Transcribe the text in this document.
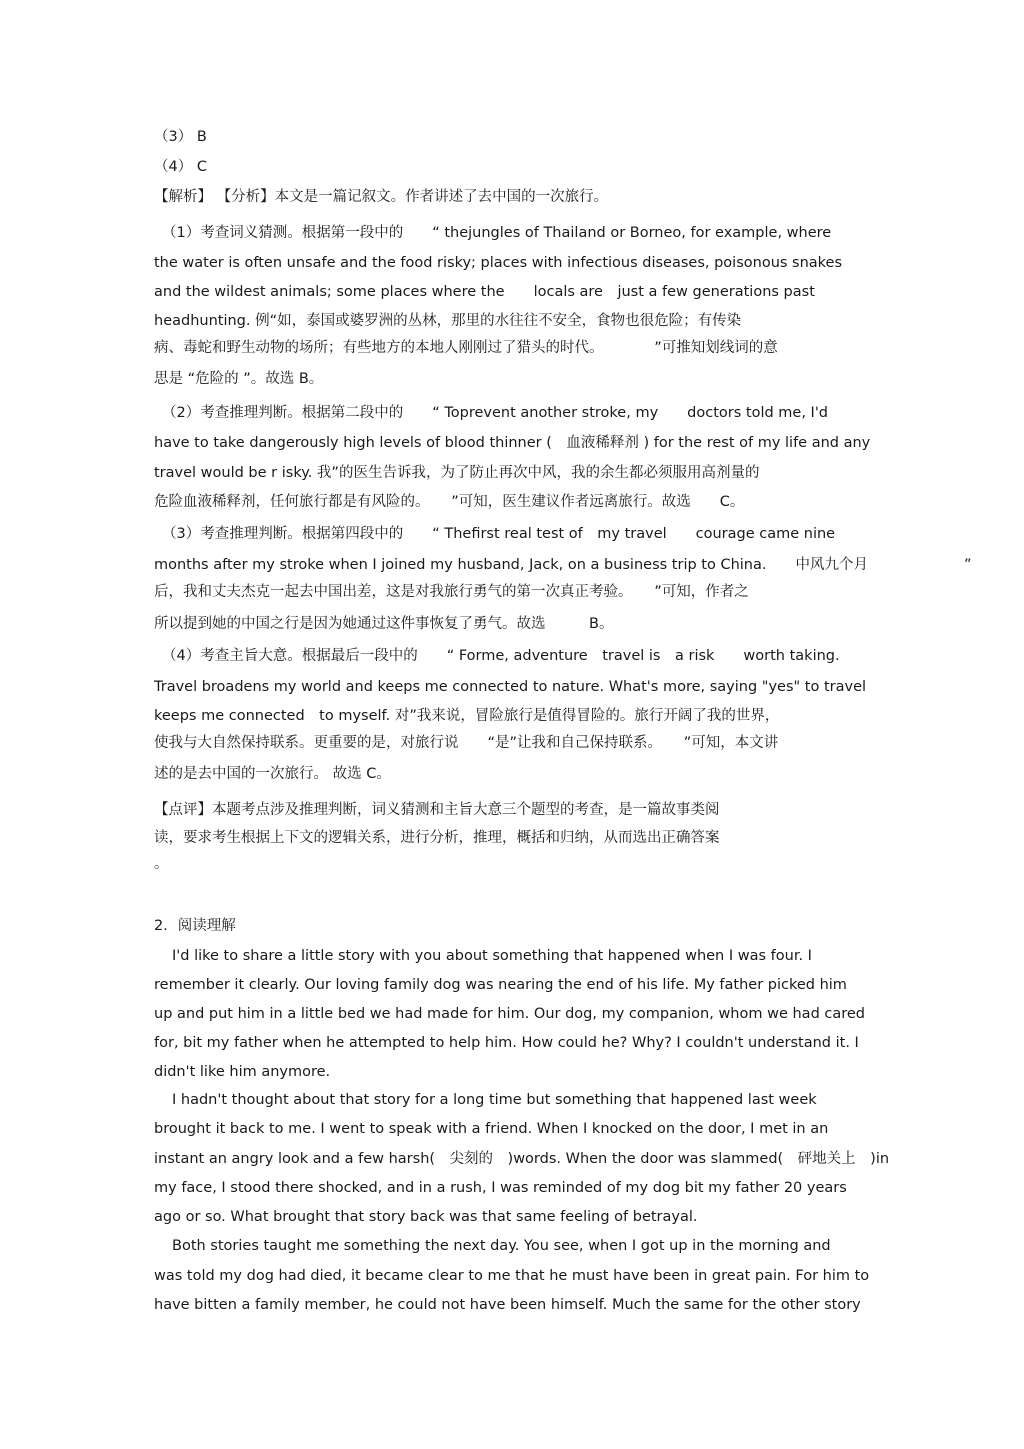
（3） B
（4） C
【解析】 【分析】本文是一篇记叙文。作者讲述了去中国的一次旅行。
（1）考查词义猜测。根据第一段中的　　“ thejungles of Thailand or Borneo, for example, where
the water is often unsafe and the food risky; places with infectious diseases, poisonous snakes
and the wildest animals; some places where the　　locals are　just a few generations past
headhunting. 例“如，泰国或婆罗洲的丛林，那里的水往往不安全，食物也很危险；有传染
病、毒蛇和野生动物的场所；有些地方的本地人刚刚过了猎头的时代。　　　　”可推知划线词的意
思是 “危险的 ”。故选 B。
（2）考查推理判断。根据第二段中的　　“ Toprevent another stroke, my　　doctors told me, I'd
have to take dangerously high levels of blood thinner (　血液稀释剂 ) for the rest of my life and any
travel would be r isky. 我”的医生告诉我，为了防止再次中风，我的余生都必须服用高剂量的
危险血液稀释剂，任何旅行都是有风险的。　　”可知，医生建议作者远离旅行。故选　　C。
（3）考查推理判断。根据第四段中的　　“ Thefirst real test of　my travel　　courage came nine
months after my stroke when I joined my husband, Jack, on a business trip to China.　　中风九个月	”
后，我和丈夫杰克一起去中国出差，这是对我旅行勇气的第一次真正考验。　　”可知，作者之
所以提到她的中国之行是因为她通过这件事恢复了勇气。故选　　　B。
（4）考查主旨大意。根据最后一段中的　　“ Forme, adventure　travel is　a risk　　worth taking.
Travel broadens my world and keeps me connected to nature. What's more, saying "yes" to travel
keeps me connected　to myself. 对”我来说，冒险旅行是值得冒险的。旅行开阔了我的世界，
使我与大自然保持联系。更重要的是，对旅行说　　“是”让我和自己保持联系。　　”可知，本文讲
述的是去中国的一次旅行。 故选 C。
【点评】本题考点涉及推理判断，词义猜测和主旨大意三个题型的考查，是一篇故事类阅
读，要求考生根据上下文的逻辑关系，进行分析，推理，概括和归纳，从而选出正确答案
。
2．阅读理解
I'd like to share a little story with you about something that happened when I was four. I
remember it clearly. Our loving family dog was nearing the end of his life. My father picked him
up and put him in a little bed we had made for him. Our dog, my companion, whom we had cared
for, bit my father when he attempted to help him. How could he? Why? I couldn't understand it. I
didn't like him anymore.
I hadn't thought about that story for a long time but something that happened last week
brought it back to me. I went to speak with a friend. When I knocked on the door, I met in an
instant an angry look and a few harsh(　尖刻的　)words. When the door was slammed(　砰地关上　)in
my face, I stood there shocked, and in a rush, I was reminded of my dog bit my father 20 years
ago or so. What brought that story back was that same feeling of betrayal.
Both stories taught me something the next day. You see, when I got up in the morning and
was told my dog had died, it became clear to me that he must have been in great pain. For him to
have bitten a family member, he could not have been himself. Much the same for the other story
